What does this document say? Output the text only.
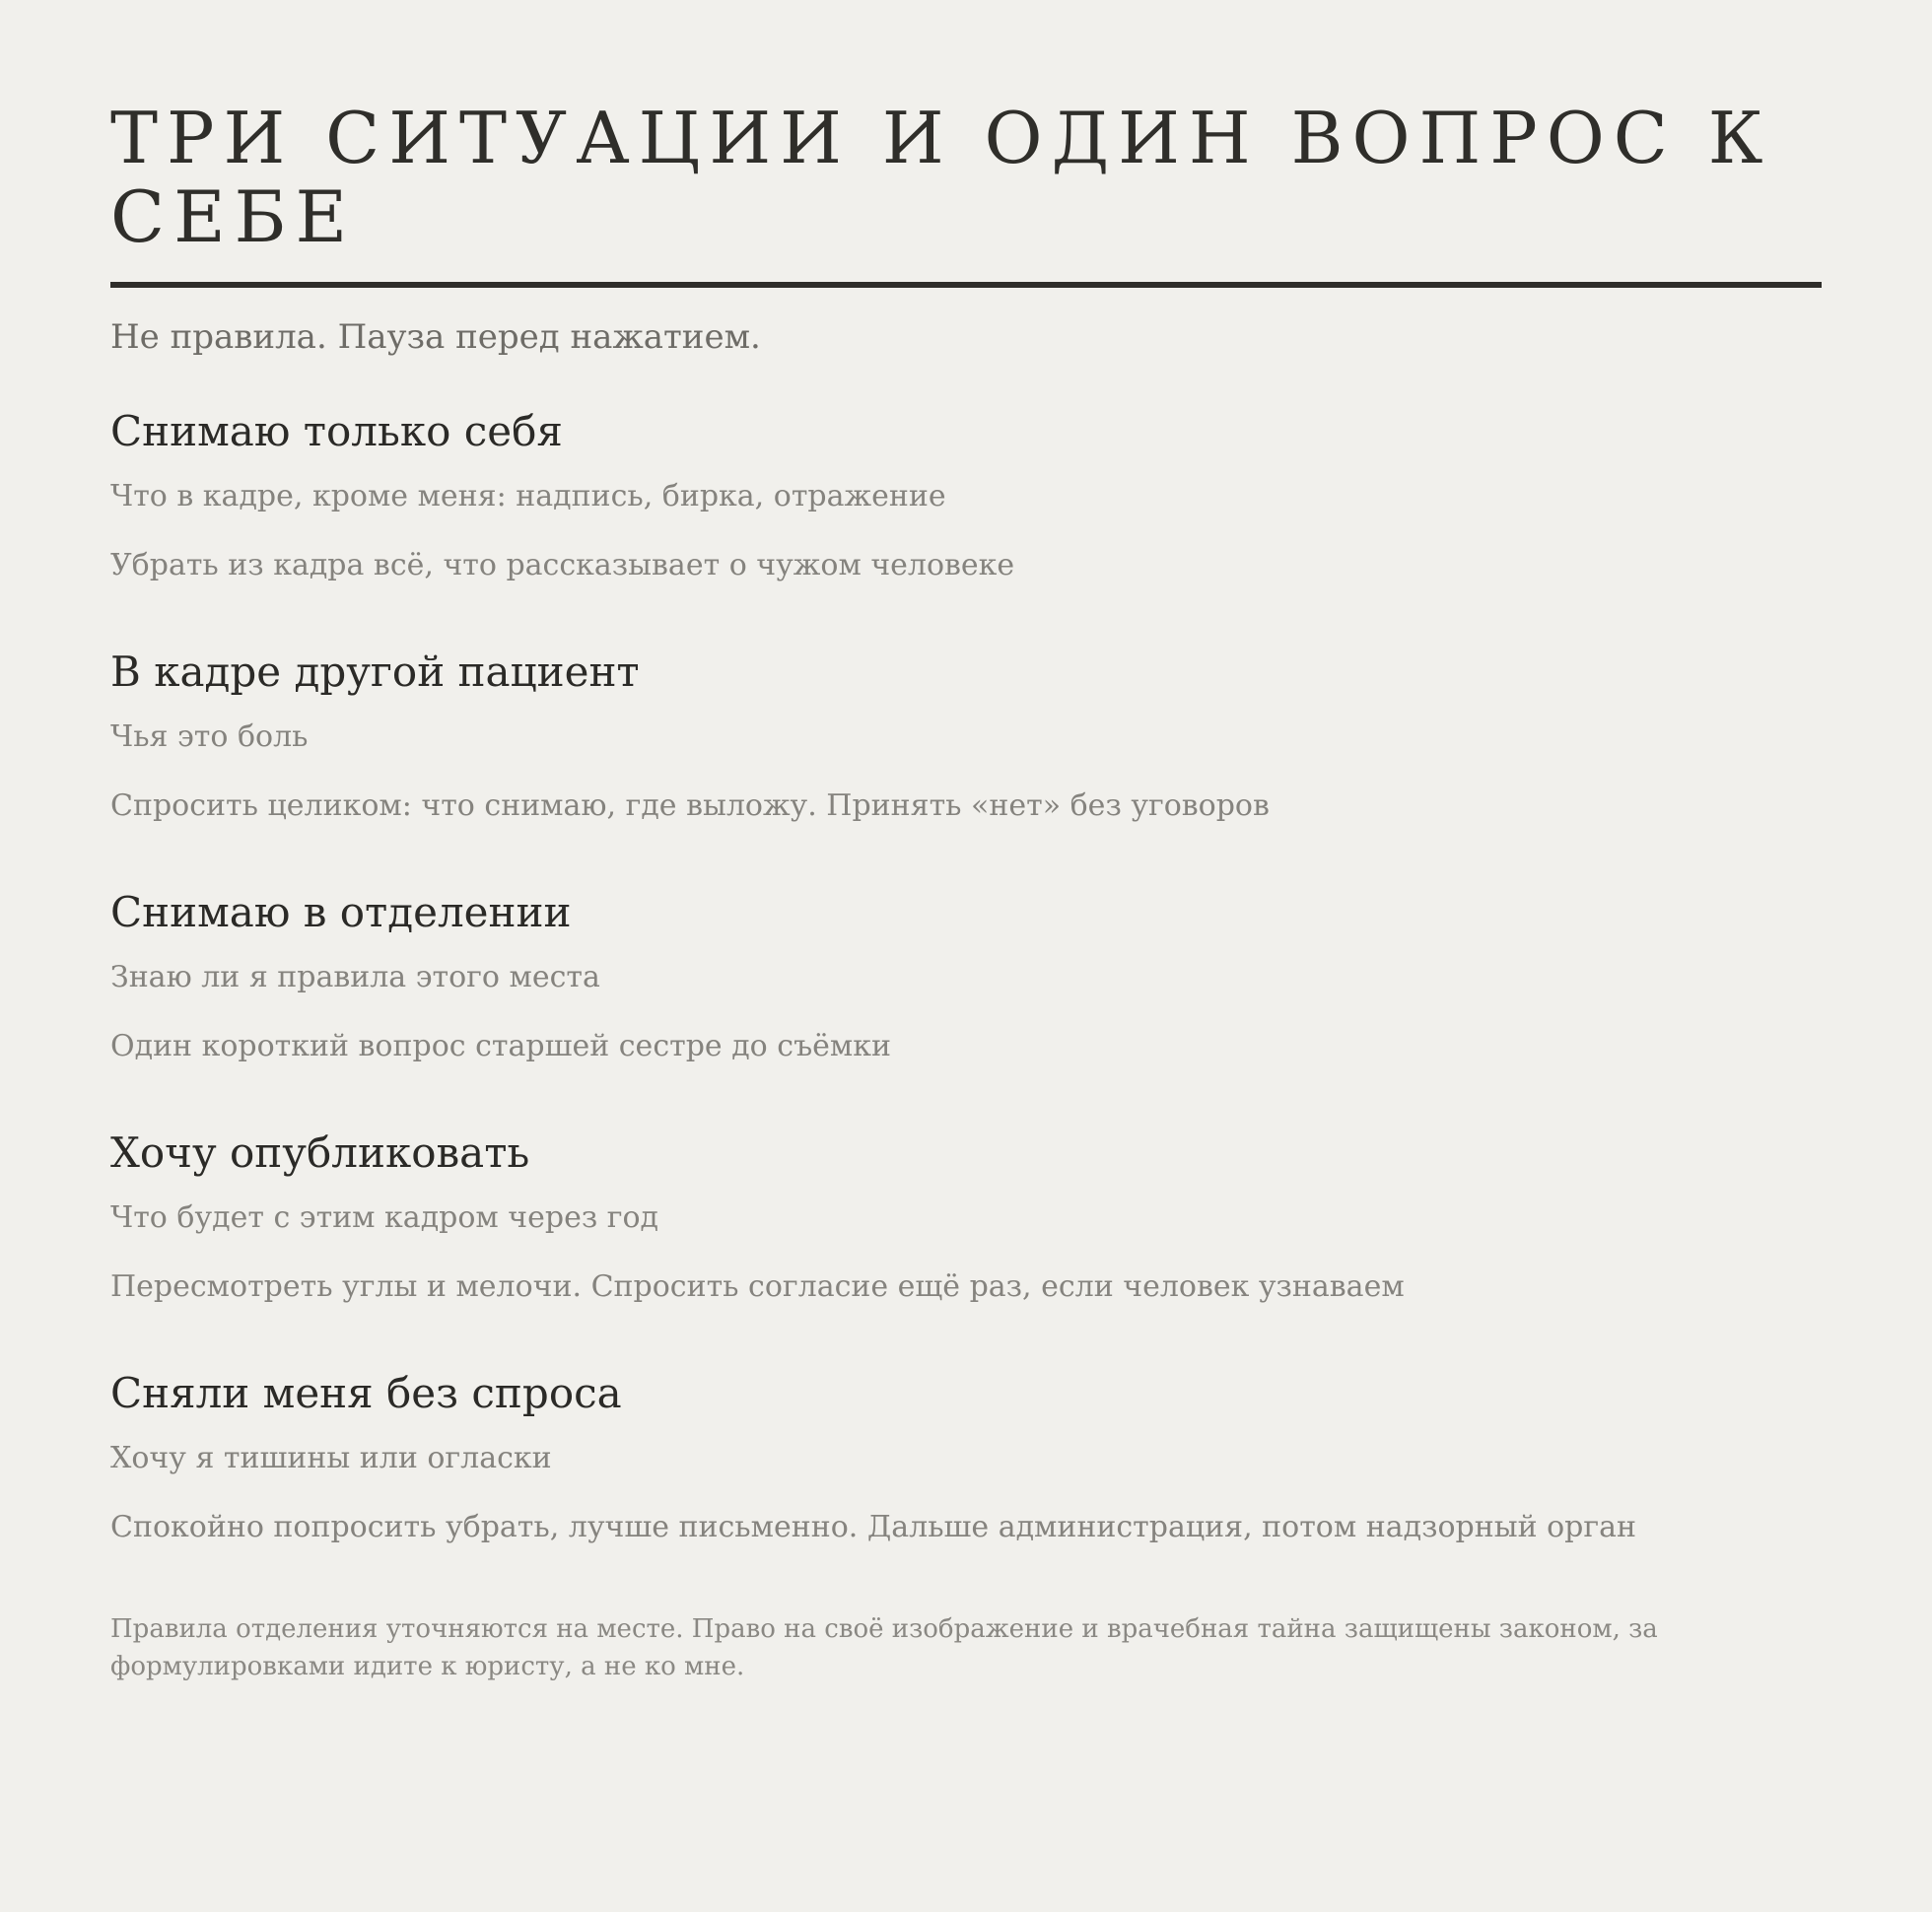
ТРИ СИТУАЦИИ И ОДИН ВОПРОС К СЕБЕ
Не правила. Пауза перед нажатием.
Снимаю только себя
Что в кадре, кроме меня: надпись, бирка, отражение
Убрать из кадра всё, что рассказывает о чужом человеке
В кадре другой пациент
Чья это боль
Спросить целиком: что снимаю, где выложу. Принять «нет» без уговоров
Снимаю в отделении
Знаю ли я правила этого места
Один короткий вопрос старшей сестре до съёмки
Хочу опубликовать
Что будет с этим кадром через год
Пересмотреть углы и мелочи. Спросить согласие ещё раз, если человек узнаваем
Сняли меня без спроса
Хочу я тишины или огласки
Спокойно попросить убрать, лучше письменно. Дальше администрация, потом надзорный орган
Правила отделения уточняются на месте. Право на своё изображение и врачебная тайна защищены законом, за формулировками идите к юристу, а не ко мне.
